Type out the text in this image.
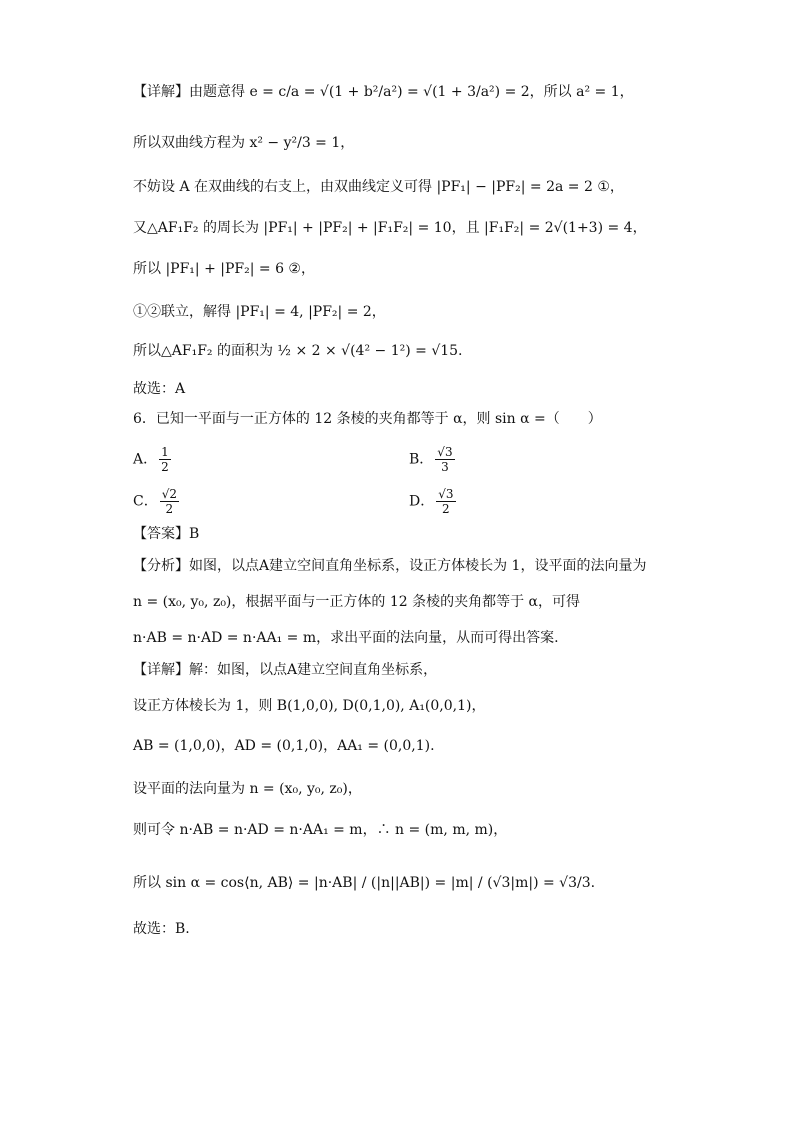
【详解】由题意得 e = c/a = √(1 + b²/a²) = √(1 + 3/a²) = 2，所以 a² = 1，
所以双曲线方程为 x² − y²/3 = 1，
不妨设 A 在双曲线的右支上，由双曲线定义可得 |PF₁| − |PF₂| = 2a = 2 ①，
又△AF₁F₂ 的周长为 |PF₁| + |PF₂| + |F₁F₂| = 10，且 |F₁F₂| = 2√(1+3) = 4，
所以 |PF₁| + |PF₂| = 6 ②，
①②联立，解得 |PF₁| = 4, |PF₂| = 2，
所以△AF₁F₂ 的面积为 ½ × 2 × √(4² − 1²) = √15.
故选：A
6．已知一平面与一正方体的 12 条棱的夹角都等于 α，则 sin α =（　　）
A． $\frac{1}{2}$	B． $\frac{√3}{3}$
C． $\frac{√2}{2}$	D． $\frac{√3}{2}$
【答案】B
【分析】如图，以点A建立空间直角坐标系，设正方体棱长为 1，设平面的法向量为
n = (x₀, y₀, z₀)，根据平面与一正方体的 12 条棱的夹角都等于 α，可得
n·AB = n·AD = n·AA₁ = m，求出平面的法向量，从而可得出答案.
【详解】解：如图，以点A建立空间直角坐标系，
设正方体棱长为 1，则 B(1,0,0), D(0,1,0), A₁(0,0,1)，
AB = (1,0,0)，AD = (0,1,0)，AA₁ = (0,0,1).
设平面的法向量为 n = (x₀, y₀, z₀)，
则可令 n·AB = n·AD = n·AA₁ = m，∴ n = (m, m, m)，
所以 sin α = cos⟨n, AB⟩ = |n·AB| / (|n||AB|) = |m| / (√3|m|) = √3/3.
故选：B.
